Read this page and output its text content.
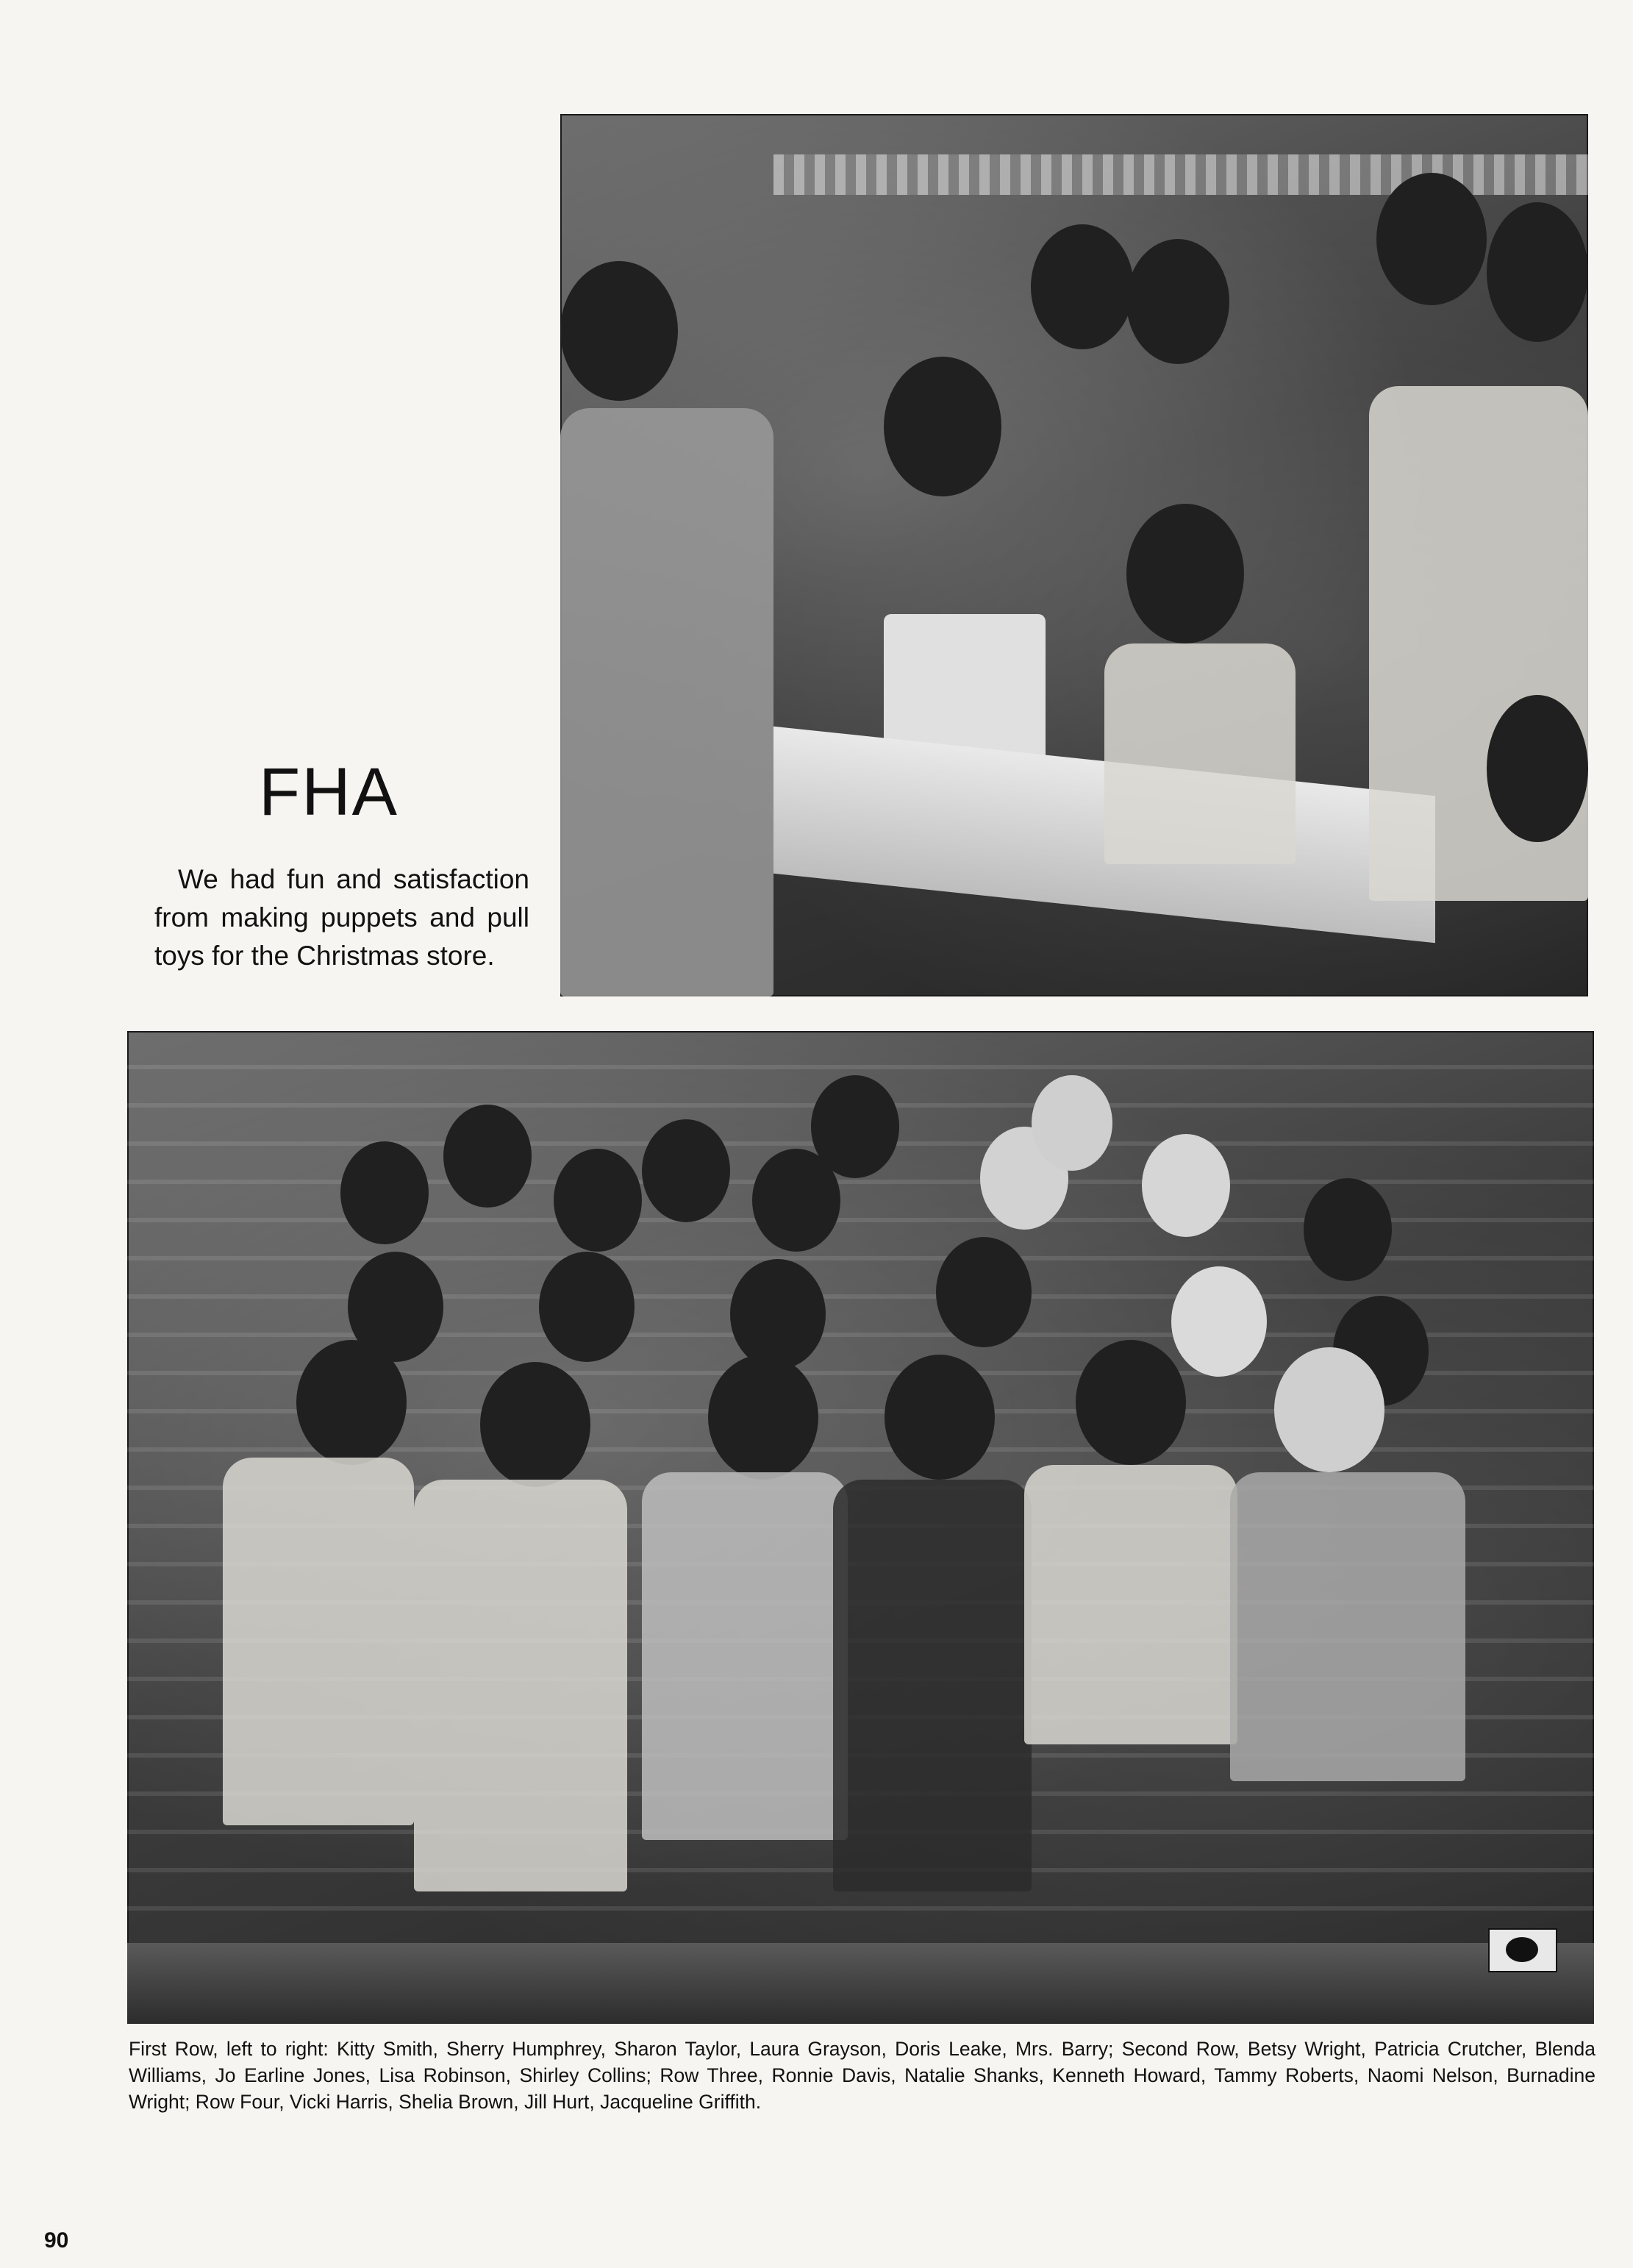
FHA

We had fun and satisfaction from making puppets and pull toys for the Christmas store.

First Row, left to right: Kitty Smith, Sherry Humphrey, Sharon Taylor, Laura Grayson, Doris Leake, Mrs. Barry; Second Row, Betsy Wright, Patricia Crutcher, Blenda Williams, Jo Earline Jones, Lisa Robinson, Shirley Collins; Row Three, Ronnie Davis, Natalie Shanks, Kenneth Howard, Tammy Roberts, Naomi Nelson, Burnadine Wright; Row Four, Vicki Harris, Shelia Brown, Jill Hurt, Jacqueline Griffith.

90
